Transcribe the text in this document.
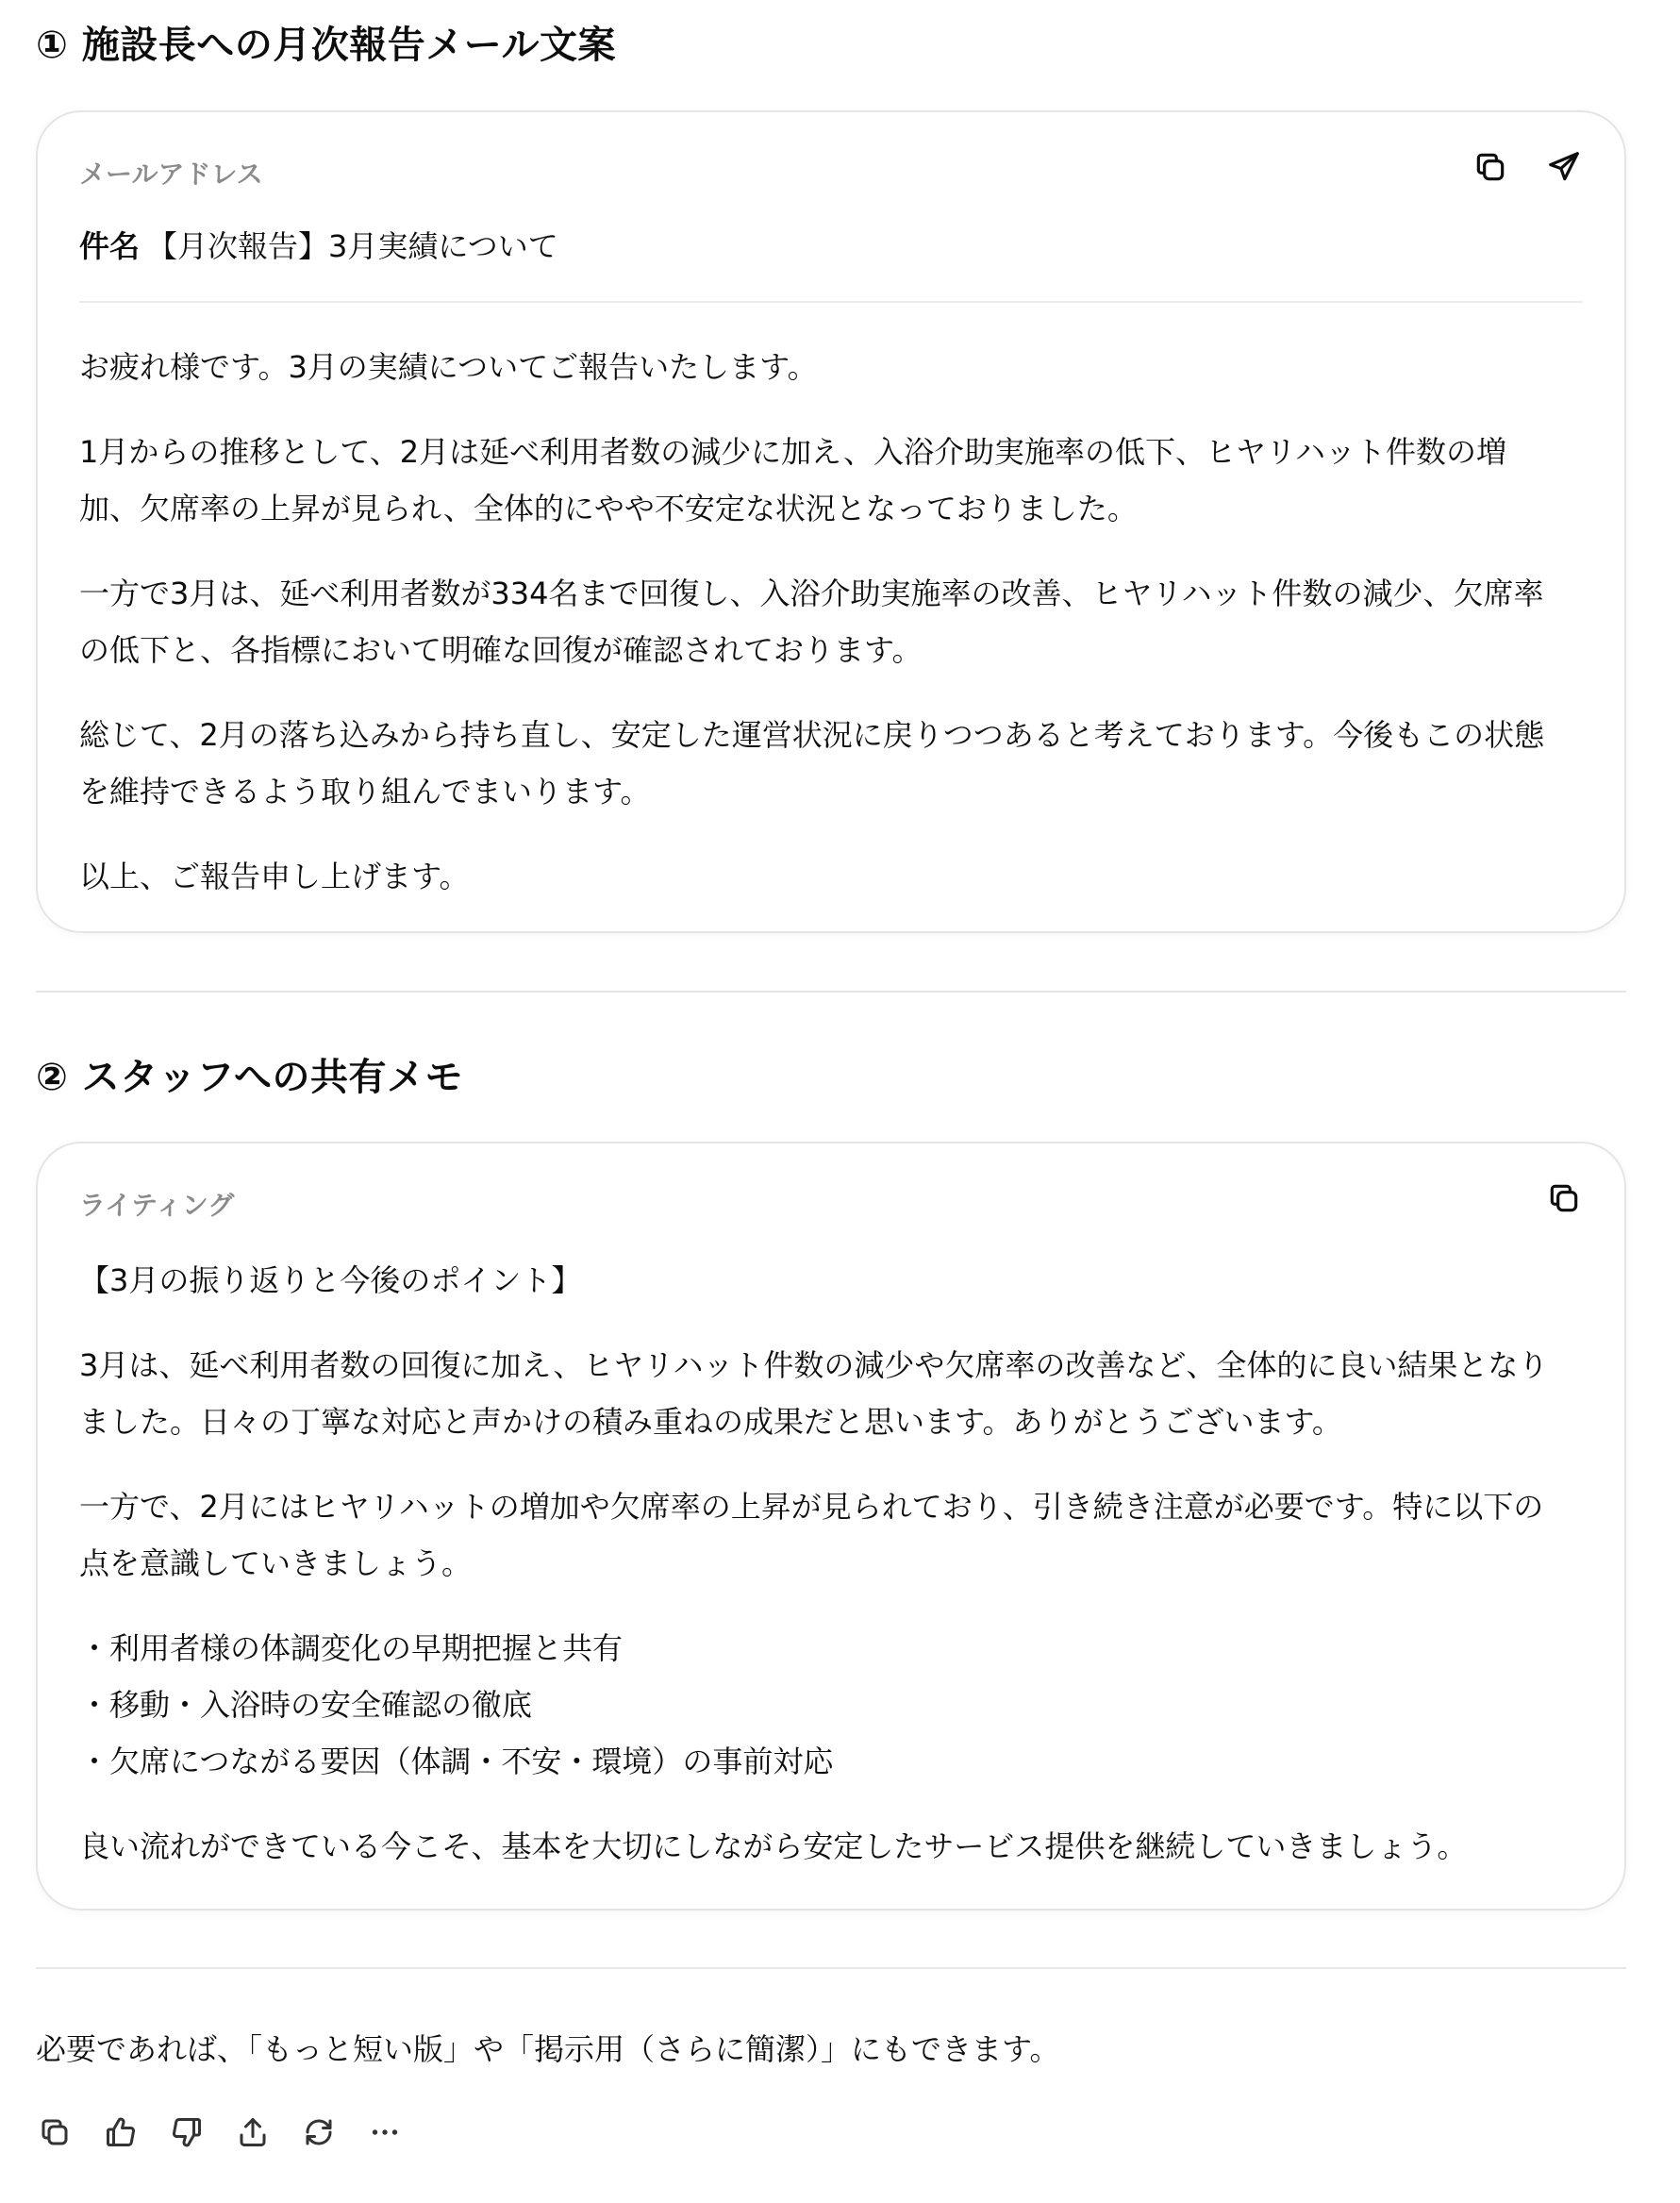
① 施設長への月次報告メール文案
メールアドレス
件名 【月次報告】3月実績について

お疲れ様です。3月の実績についてご報告いたします。

1月からの推移として、2月は延べ利用者数の減少に加え、入浴介助実施率の低下、ヒヤリハット件数の増加、欠席率の上昇が見られ、全体的にやや不安定な状況となっておりました。

一方で3月は、延べ利用者数が334名まで回復し、入浴介助実施率の改善、ヒヤリハット件数の減少、欠席率の低下と、各指標において明確な回復が確認されております。

総じて、2月の落ち込みから持ち直し、安定した運営状況に戻りつつあると考えております。今後もこの状態を維持できるよう取り組んでまいります。

以上、ご報告申し上げます。

② スタッフへの共有メモ
ライティング

【3月の振り返りと今後のポイント】

3月は、延べ利用者数の回復に加え、ヒヤリハット件数の減少や欠席率の改善など、全体的に良い結果となりました。日々の丁寧な対応と声かけの積み重ねの成果だと思います。ありがとうございます。

一方で、2月にはヒヤリハットの増加や欠席率の上昇が見られており、引き続き注意が必要です。特に以下の点を意識していきましょう。

・利用者様の体調変化の早期把握と共有
・移動・入浴時の安全確認の徹底
・欠席につながる要因（体調・不安・環境）の事前対応

良い流れができている今こそ、基本を大切にしながら安定したサービス提供を継続していきましょう。

必要であれば、「もっと短い版」や「掲示用（さらに簡潔）」にもできます。
